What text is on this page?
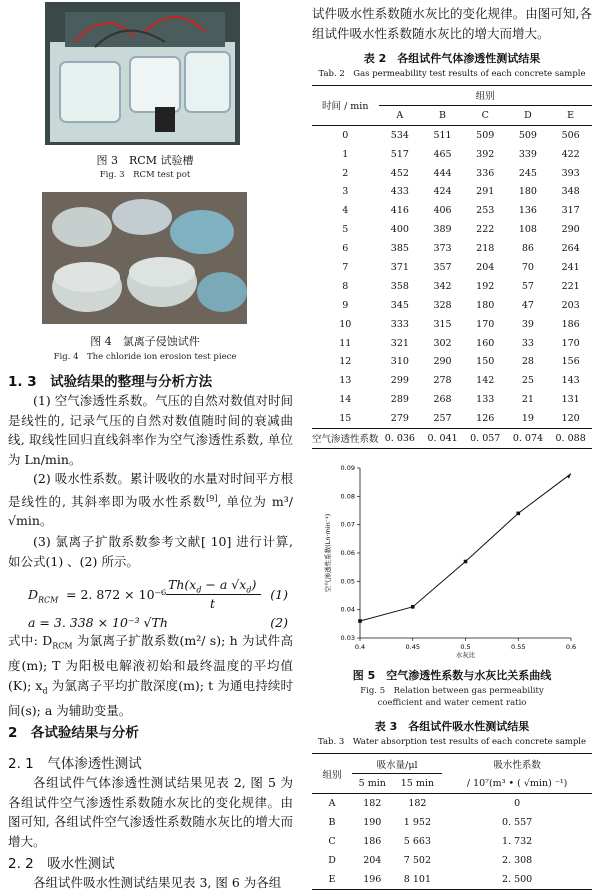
图 3　RCM 试验槽
Fig. 3　RCM test pot
图 4　氯离子侵蚀试件
Fig. 4　The chloride ion erosion test piece
1. 3　试验结果的整理与分析方法
(1) 空气渗透性系数。气压的自然对数值对时间是线性的, 记录气压的自然对数值随时间的衰减曲线, 取线性回归直线斜率作为空气渗透性系数, 单位为 Ln/min。
(2) 吸水性系数。累计吸收的水量对时间平方根是线性的, 其斜率即为吸水性系数[9], 单位为 m³/ √min。
(3) 氯离子扩散系数参考文献[ 10] 进行计算, 如公式(1) 、(2) 所示。
$D_{RCM} = 2$. 872 × 10⁻⁶
$Th(x_d - a$ $√x_d$)
t
(1)
a = 3. 338 × 10⁻³ √Th	(2)
式中: $D_{RCM}$ 为氯离子扩散系数(m²/ s); h 为试件高度(m); T 为阳极电解液初始和最终温度的平均值(K); $x_d$ 为氯离子平均扩散深度(m); t 为通电持续时间(s); a 为辅助变量。
2　各试验结果与分析
2. 1　气体渗透性测试
各组试件气体渗透性测试结果见表 2, 图 5 为各组试件空气渗透性系数随水灰比的变化规律。由图可知, 各组试件空气渗透性系数随水灰比的增大而增大。
2. 2　吸水性测试
各组试件吸水性测试结果见表 3, 图 6 为各组
试件吸水性系数随水灰比的变化规律。由图可知,各组试件吸水性系数随水灰比的增大而增大。
表 2　各组试件气体渗透性测试结果
Tab. 2　Gas permeability test results of each concrete sample
时间 / min	组别				
	A	B	C	D	E
0	534	511	509	509	506
1	517	465	392	339	422
2	452	444	336	245	393
3	433	424	291	180	348
4	416	406	253	136	317
5	400	389	222	108	290
6	385	373	218	86	264
7	371	357	204	70	241
8	358	342	192	57	221
9	345	328	180	47	203
10	333	315	170	39	186
11	321	302	160	33	170
12	310	290	150	28	156
13	299	278	142	25	143
14	289	268	133	21	131
15	279	257	126	19	120
空气渗透性系数	0. 036	0. 041	0. 057	0. 074	0. 088
0.4	0.45	0.5	0.55	0.6
0.03
0.04
0.05
0.06
0.07
0.08
0.09
水灰比
空气渗透性系数(Ln·min⁻¹)
图 5　空气渗透性系数与水灰比关系曲线
Fig. 5　Relation between gas permeability
coefficient and water cement ratio
表 3　各组试件吸水性测试结果
Tab. 3　Water absorption test results of each concrete sample
组别	吸水量/μl		吸水性系数
	5 min	15 min	/ 10⁷(m³ • ( √min) ⁻¹)
A	182	182	0
B	190	1 952	0. 557
C	186	5 663	1. 732
D	204	7 502	2. 308
E	196	8 101	2. 500
